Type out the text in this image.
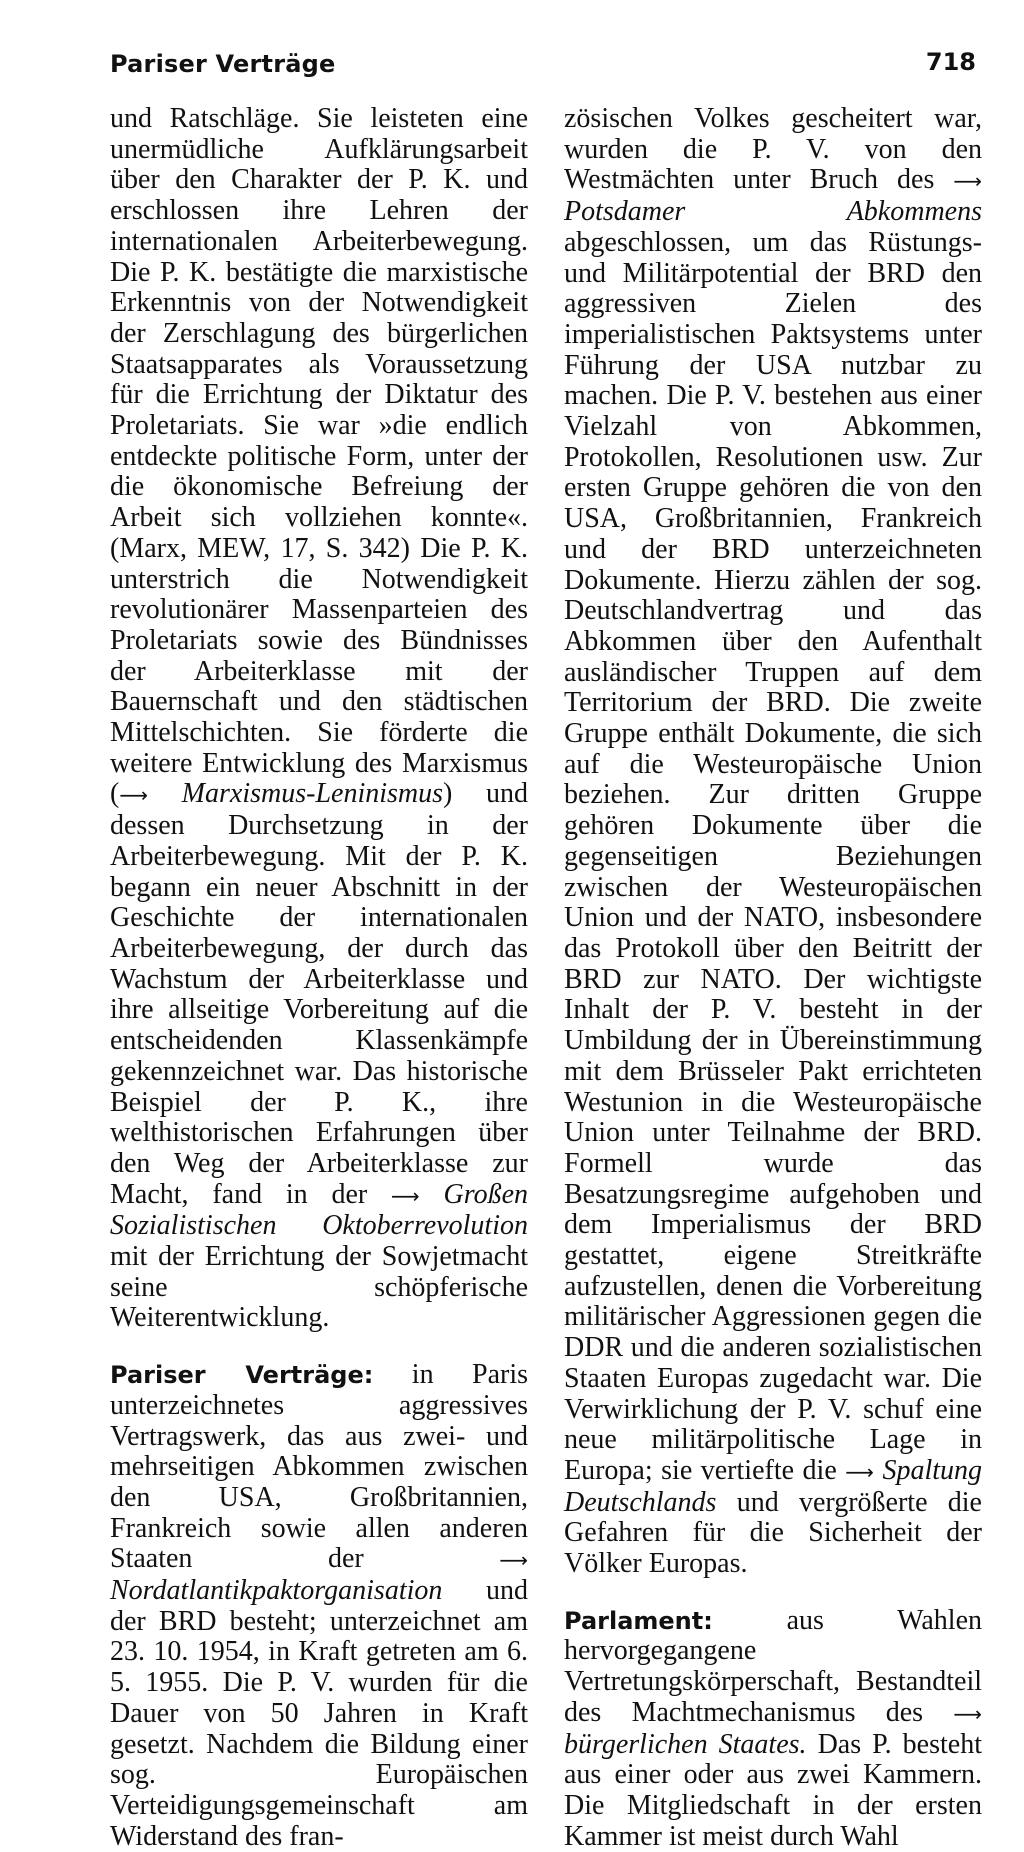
Pariser Verträge	718

und Ratschläge. Sie leisteten eine unermüdliche Aufklärungsarbeit über den Charakter der P. K. und erschlossen ihre Lehren der internationalen Arbeiterbewegung. Die P. K. bestätigte die marxistische Erkenntnis von der Notwendigkeit der Zerschlagung des bürgerlichen Staatsapparates als Voraussetzung für die Errichtung der Diktatur des Proletariats. Sie war »die endlich entdeckte politische Form, unter der die ökonomische Befreiung der Arbeit sich vollziehen konnte«. (Marx, MEW, 17, S. 342) Die P. K. unterstrich die Notwendigkeit revolutionärer Massenparteien des Proletariats sowie des Bündnisses der Arbeiterklasse mit der Bauernschaft und den städtischen Mittelschichten. Sie förderte die weitere Entwicklung des Marxismus (⟶ Marxismus-Leninismus) und dessen Durchsetzung in der Arbeiterbewegung. Mit der P. K. begann ein neuer Abschnitt in der Geschichte der internationalen Arbeiterbewegung, der durch das Wachstum der Arbeiterklasse und ihre allseitige Vorbereitung auf die entscheidenden Klassenkämpfe gekennzeichnet war. Das historische Beispiel der P. K., ihre welthistorischen Erfahrungen über den Weg der Arbeiterklasse zur Macht, fand in der ⟶ Großen Sozialistischen Oktoberrevolution mit der Errichtung der Sowjetmacht seine schöpferische Weiterentwicklung.

Pariser Verträge: in Paris unterzeichnetes aggressives Vertragswerk, das aus zwei- und mehrseitigen Abkommen zwischen den USA, Großbritannien, Frankreich sowie allen anderen Staaten der ⟶ Nordatlantikpaktorganisation und der BRD besteht; unterzeichnet am 23. 10. 1954, in Kraft getreten am 6. 5. 1955. Die P. V. wurden für die Dauer von 50 Jahren in Kraft gesetzt. Nachdem die Bildung einer sog. Europäischen Verteidigungsgemeinschaft am Widerstand des fran-

zösischen Volkes gescheitert war, wurden die P. V. von den Westmächten unter Bruch des ⟶ Potsdamer Abkommens abgeschlossen, um das Rüstungs- und Militärpotential der BRD den aggressiven Zielen des imperialistischen Paktsystems unter Führung der USA nutzbar zu machen. Die P. V. bestehen aus einer Vielzahl von Abkommen, Protokollen, Resolutionen usw. Zur ersten Gruppe gehören die von den USA, Großbritannien, Frankreich und der BRD unterzeichneten Dokumente. Hierzu zählen der sog. Deutschlandvertrag und das Abkommen über den Aufenthalt ausländischer Truppen auf dem Territorium der BRD. Die zweite Gruppe enthält Dokumente, die sich auf die Westeuropäische Union beziehen. Zur dritten Gruppe gehören Dokumente über die gegenseitigen Beziehungen zwischen der Westeuropäischen Union und der NATO, insbesondere das Protokoll über den Beitritt der BRD zur NATO. Der wichtigste Inhalt der P. V. besteht in der Umbildung der in Übereinstimmung mit dem Brüsseler Pakt errichteten Westunion in die Westeuropäische Union unter Teilnahme der BRD. Formell wurde das Besatzungsregime aufgehoben und dem Imperialismus der BRD gestattet, eigene Streitkräfte aufzustellen, denen die Vorbereitung militärischer Aggressionen gegen die DDR und die anderen sozialistischen Staaten Europas zugedacht war. Die Verwirklichung der P. V. schuf eine neue militärpolitische Lage in Europa; sie vertiefte die ⟶ Spaltung Deutschlands und vergrößerte die Gefahren für die Sicherheit der Völker Europas.

Parlament: aus Wahlen hervorgegangene Vertretungskörperschaft, Bestandteil des Machtmechanismus des ⟶ bürgerlichen Staates. Das P. besteht aus einer oder aus zwei Kammern. Die Mitgliedschaft in der ersten Kammer ist meist durch Wahl
